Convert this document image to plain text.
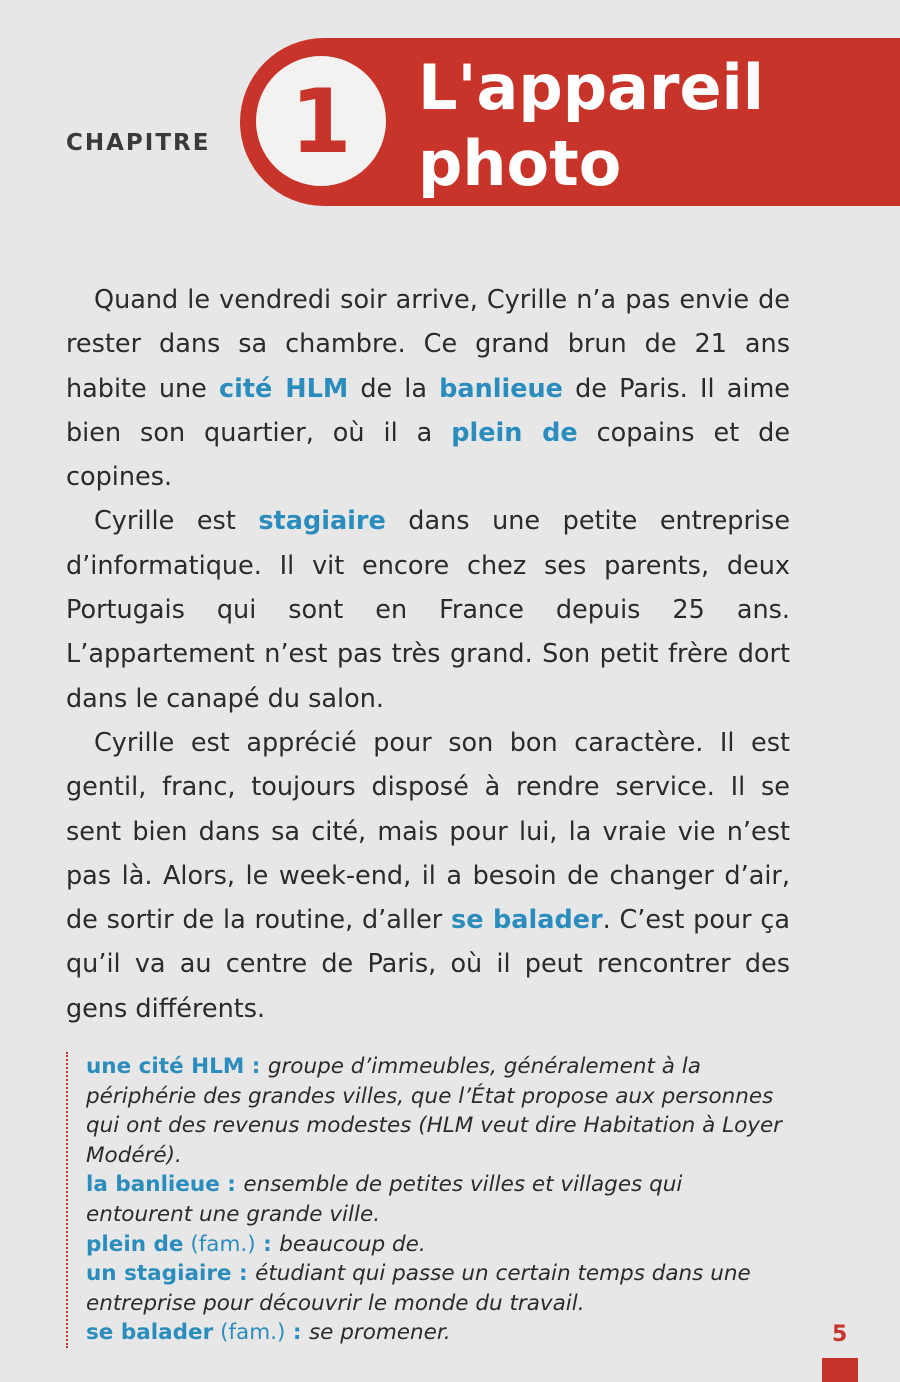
1
CHAPITRE
L'appareil
photo

Quand le vendredi soir arrive, Cyrille n’a pas envie de rester dans sa chambre. Ce grand brun de 21 ans habite une cité HLM de la banlieue de Paris. Il aime bien son quartier, où il a plein de copains et de copines.

Cyrille est stagiaire dans une petite entreprise d’informatique. Il vit encore chez ses parents, deux Portugais qui sont en France depuis 25 ans. L’appartement n’est pas très grand. Son petit frère dort dans le canapé du salon.

Cyrille est apprécié pour son bon caractère. Il est gentil, franc, toujours disposé à rendre service. Il se sent bien dans sa cité, mais pour lui, la vraie vie n’est pas là. Alors, le week-end, il a besoin de changer d’air, de sortir de la routine, d’aller se balader. C’est pour ça qu’il va au centre de Paris, où il peut rencontrer des gens différents.

une cité HLM : groupe d’immeubles, généralement à la périphérie des grandes villes, que l’État propose aux personnes qui ont des revenus modestes (HLM veut dire Habitation à Loyer Modéré).
la banlieue : ensemble de petites villes et villages qui entourent une grande ville.
plein de (fam.) : beaucoup de.
un stagiaire : étudiant qui passe un certain temps dans une entreprise pour découvrir le monde du travail.
se balader (fam.) : se promener.	5
